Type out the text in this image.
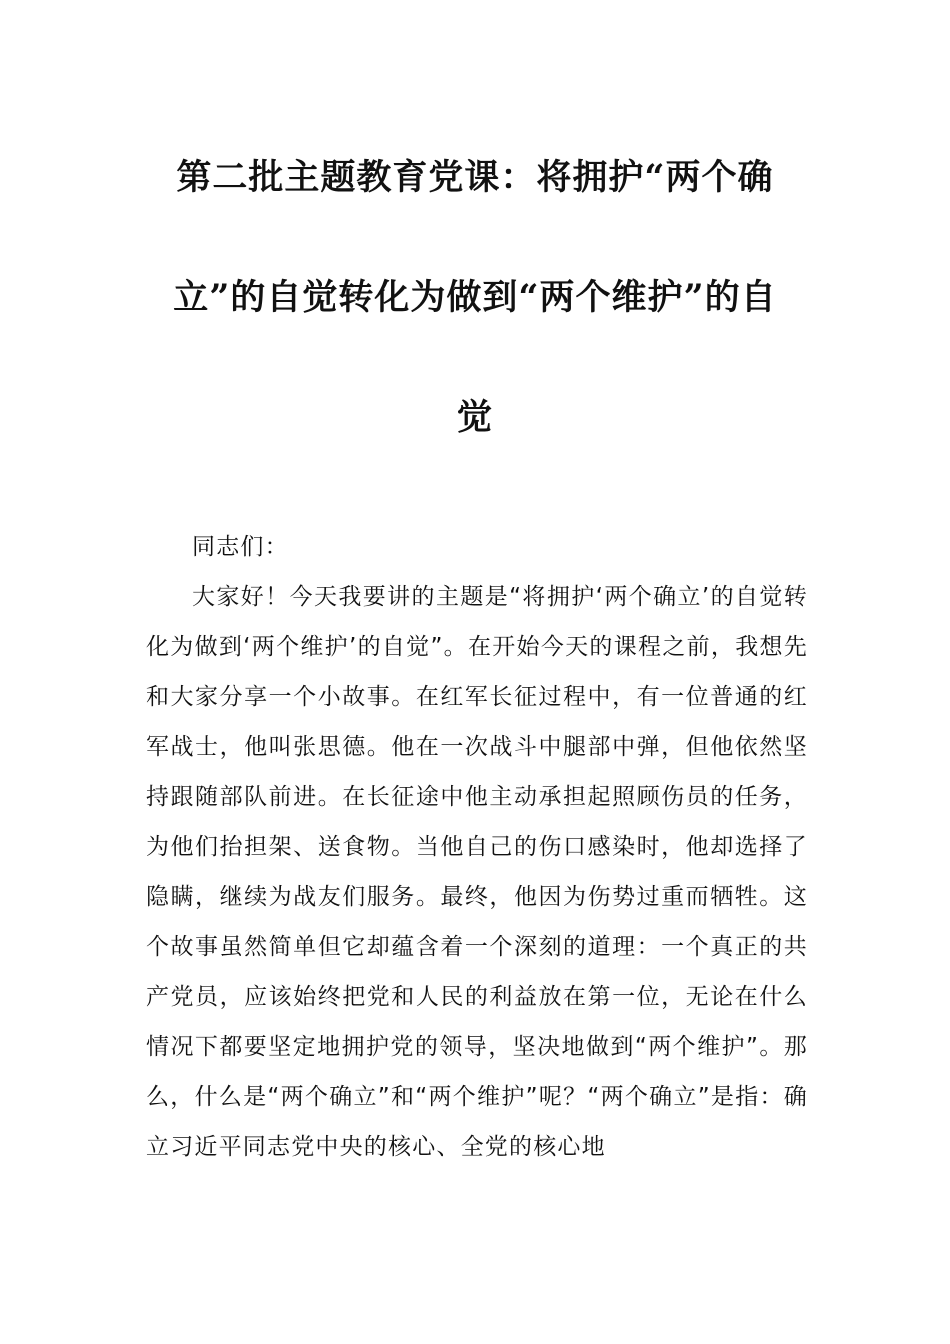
第二批主题教育党课：将拥护“两个确
立”的自觉转化为做到“两个维护”的自
觉

同志们：

大家好！今天我要讲的主题是“将拥护‘两个确立’的自觉转化为做到‘两个维护’的自觉”。在开始今天的课程之前，我想先和大家分享一个小故事。在红军长征过程中，有一位普通的红军战士，他叫张思德。他在一次战斗中腿部中弹，但他依然坚持跟随部队前进。在长征途中他主动承担起照顾伤员的任务，为他们抬担架、送食物。当他自己的伤口感染时，他却选择了隐瞒，继续为战友们服务。最终，他因为伤势过重而牺牲。这个故事虽然简单但它却蕴含着一个深刻的道理：一个真正的共产党员，应该始终把党和人民的利益放在第一位，无论在什么情况下都要坚定地拥护党的领导，坚决地做到“两个维护”。那么，什么是“两个确立”和“两个维护”呢？“两个确立”是指：确立习近平同志党中央的核心、全党的核心地
